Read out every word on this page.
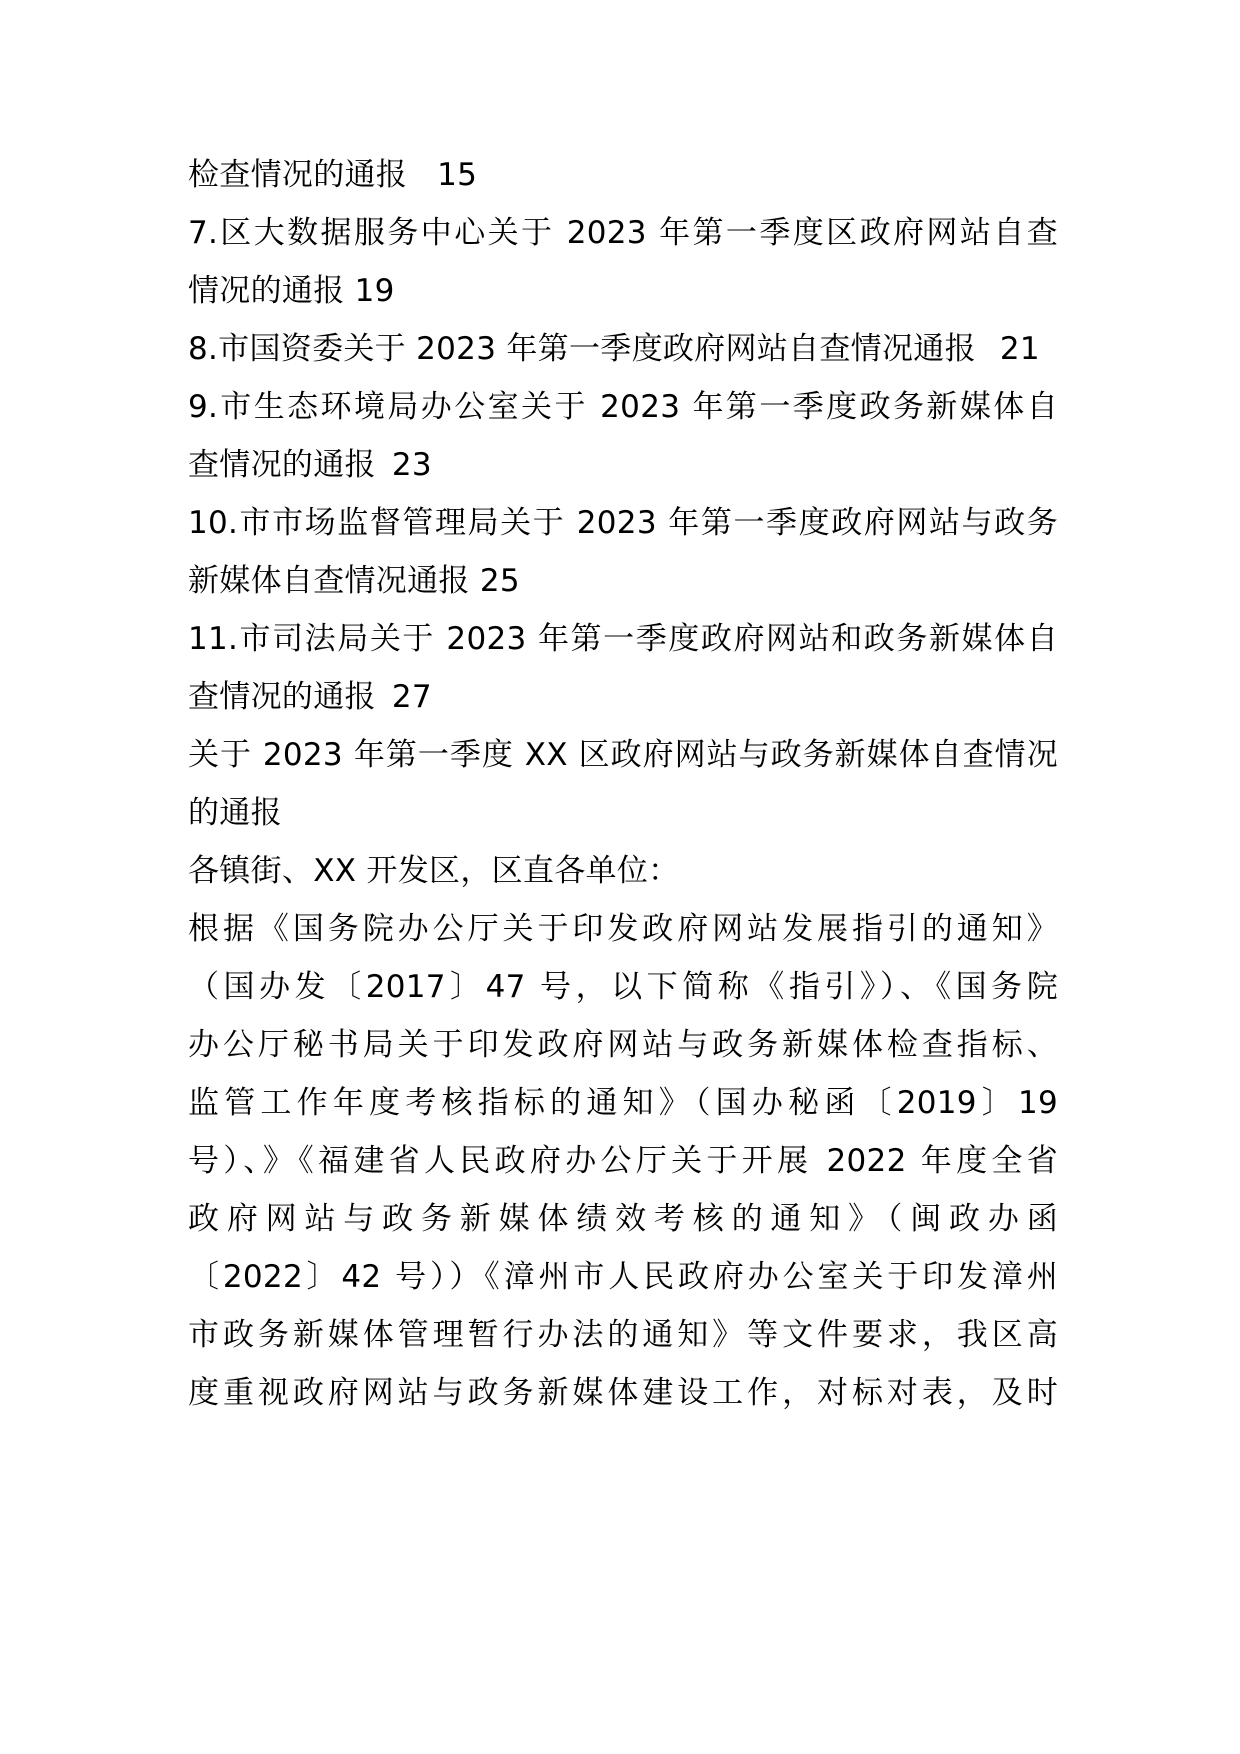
检查情况的通报 15
7.区大数据服务中心关于 2023 年第一季度区政府网站自查
情况的通报 19
8.市国资委关于 2023 年第一季度政府网站自查情况通报 21
9.市生态环境局办公室关于 2023 年第一季度政务新媒体自
查情况的通报 23
10.市市场监督管理局关于 2023 年第一季度政府网站与政务
新媒体自查情况通报 25
11.市司法局关于 2023 年第一季度政府网站和政务新媒体自
查情况的通报 27
关于 2023 年第一季度 XX 区政府网站与政务新媒体自查情况
的通报
各镇街、XX 开发区，区直各单位：
根据《国务院办公厅关于印发政府网站发展指引的通知》
（国办发〔2017〕47 号，以下简称《指引》）、《国务院
办公厅秘书局关于印发政府网站与政务新媒体检查指标、
监管工作年度考核指标的通知》（国办秘函〔2019〕19
号）、》《福建省人民政府办公厅关于开展 2022 年度全省
政府网站与政务新媒体绩效考核的通知》（闽政办函
〔2022〕42 号））《漳州市人民政府办公室关于印发漳州
市政务新媒体管理暂行办法的通知》等文件要求，我区高
度重视政府网站与政务新媒体建设工作，对标对表，及时
